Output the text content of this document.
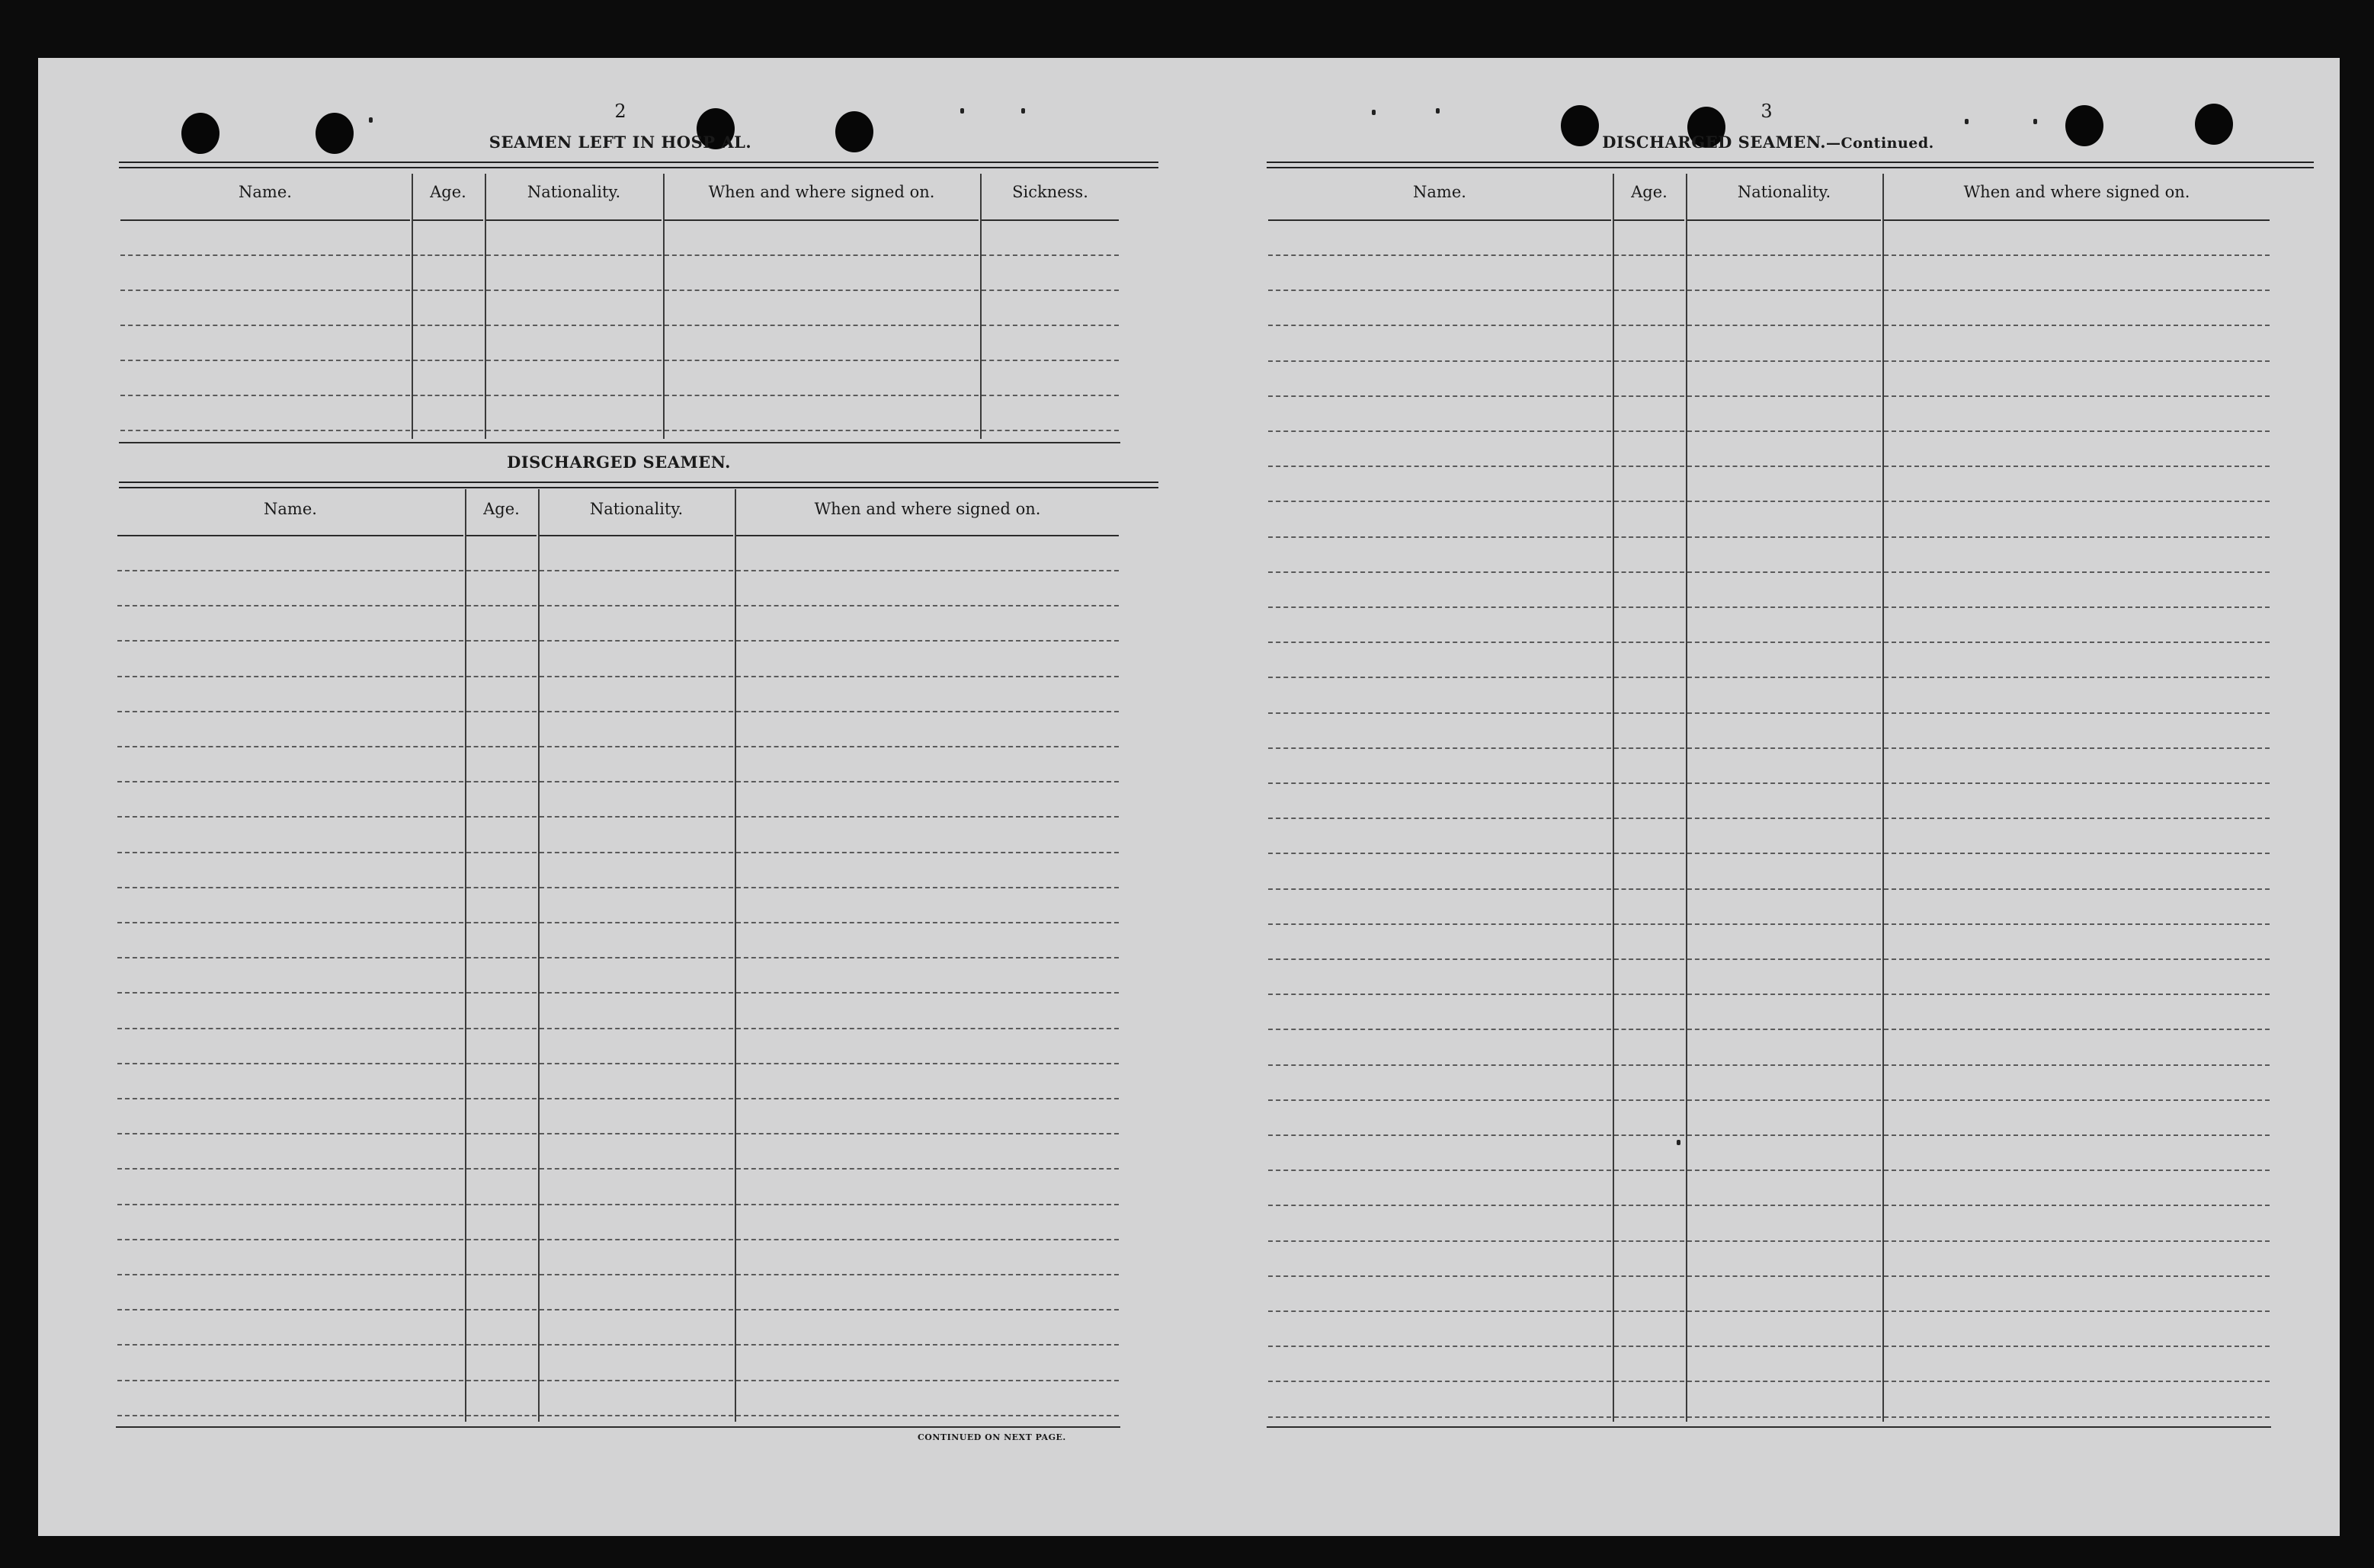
2
SEAMEN LEFT IN HOSP AL.
Name.	Age.	Nationality.	When and where signed on.	Sickness.
DISCHARGED SEAMEN.
Name.	Age.	Nationality.	When and where signed on.
CONTINUED ON NEXT PAGE.
3
DISCHARGED SEAMEN.—Continued.
Name.	Age.	Nationality.	When and where signed on.
